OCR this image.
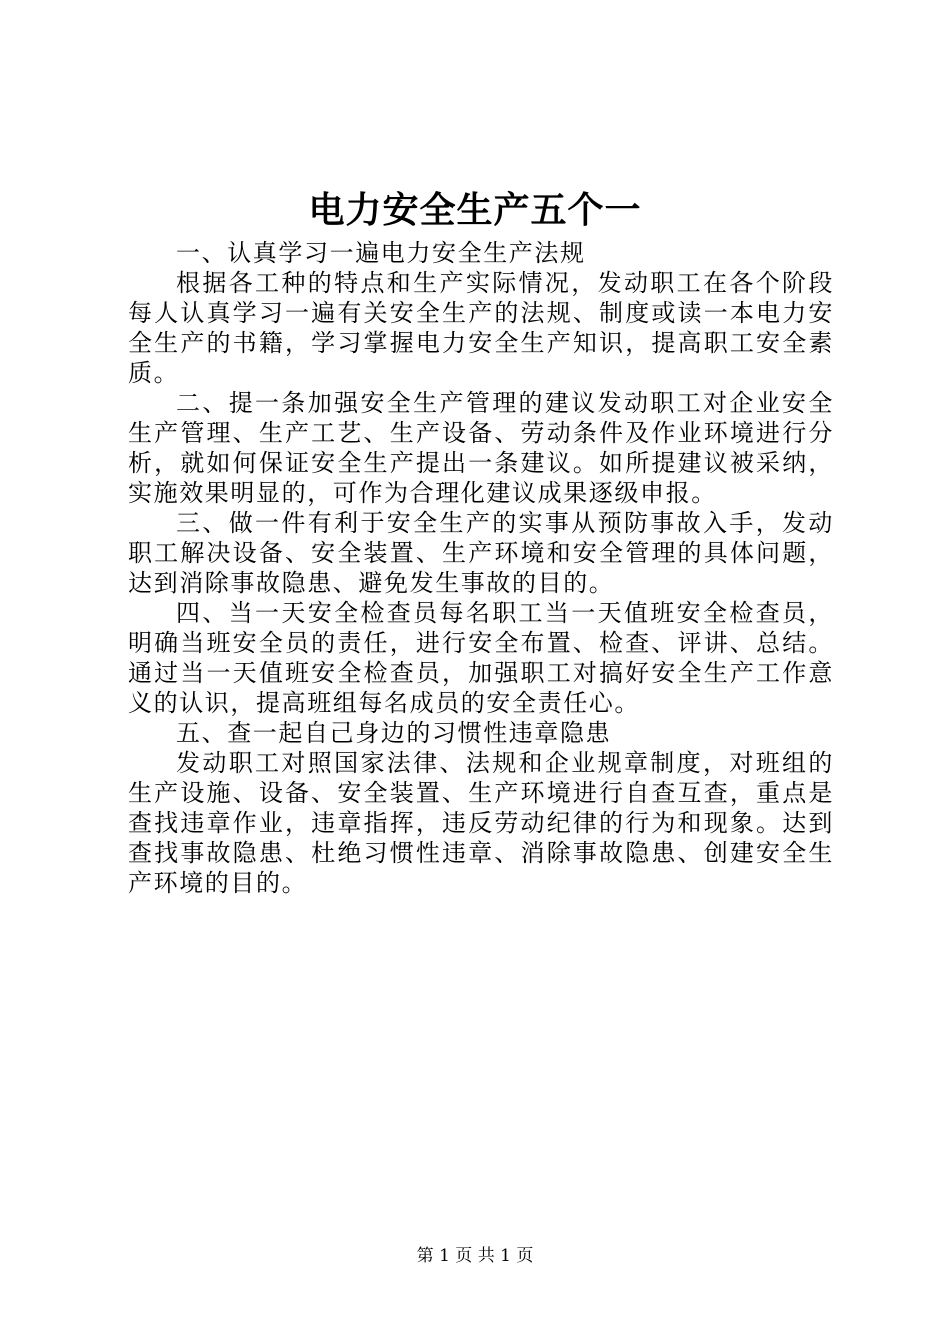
电力安全生产五个一

一、认真学习一遍电力安全生产法规

根据各工种的特点和生产实际情况，发动职工在各个阶段每人认真学习一遍有关安全生产的法规、制度或读一本电力安全生产的书籍，学习掌握电力安全生产知识，提高职工安全素质。

二、提一条加强安全生产管理的建议发动职工对企业安全生产管理、生产工艺、生产设备、劳动条件及作业环境进行分析，就如何保证安全生产提出一条建议。如所提建议被采纳，实施效果明显的，可作为合理化建议成果逐级申报。

三、做一件有利于安全生产的实事从预防事故入手，发动职工解决设备、安全装置、生产环境和安全管理的具体问题，达到消除事故隐患、避免发生事故的目的。

四、当一天安全检查员每名职工当一天值班安全检查员，明确当班安全员的责任，进行安全布置、检查、评讲、总结。通过当一天值班安全检查员，加强职工对搞好安全生产工作意义的认识，提高班组每名成员的安全责任心。

五、查一起自己身边的习惯性违章隐患

发动职工对照国家法律、法规和企业规章制度，对班组的生产设施、设备、安全装置、生产环境进行自查互查，重点是查找违章作业，违章指挥，违反劳动纪律的行为和现象。达到查找事故隐患、杜绝习惯性违章、消除事故隐患、创建安全生产环境的目的。

第 1 页 共 1 页
